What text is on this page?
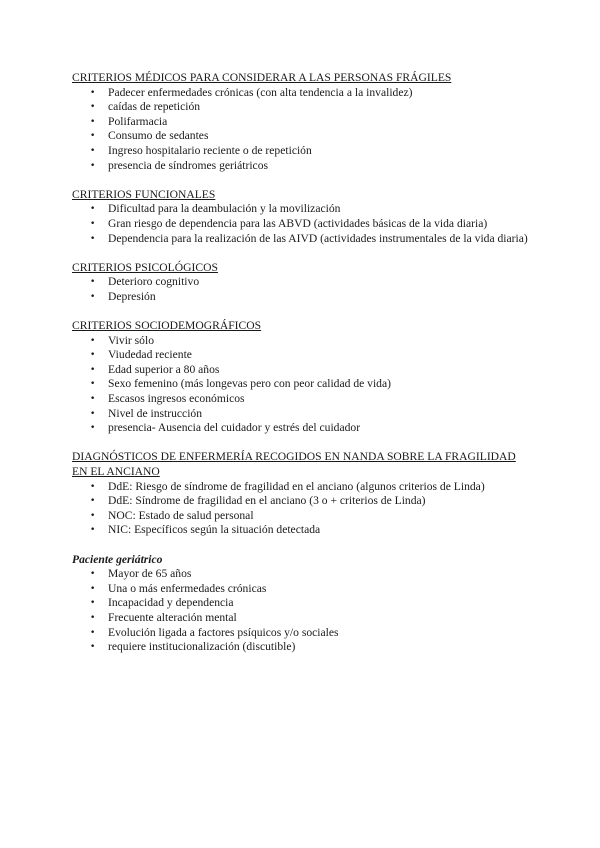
CRITERIOS MÉDICOS PARA CONSIDERAR A LAS PERSONAS FRÁGILES

• Padecer enfermedades crónicas (con alta tendencia a la invalidez)
• caídas de repetición
• Polifarmacia
• Consumo de sedantes
• Ingreso hospitalario reciente o de repetición
• presencia de síndromes geriátricos

CRITERIOS FUNCIONALES

• Dificultad para la deambulación y la movilización
• Gran riesgo de dependencia para las ABVD (actividades básicas de la vida diaria)
• Dependencia para la realización de las AIVD (actividades instrumentales de la vida diaria)

CRITERIOS PSICOLÓGICOS

• Deterioro cognitivo
• Depresión

CRITERIOS SOCIODEMOGRÁFICOS

• Vivir sólo
• Viudedad reciente
• Edad superior a 80 años
• Sexo femenino (más longevas pero con peor calidad de vida)
• Escasos ingresos económicos
• Nivel de instrucción
• presencia- Ausencia del cuidador y estrés del cuidador

DIAGNÓSTICOS DE ENFERMERÍA RECOGIDOS EN NANDA SOBRE LA FRAGILIDAD EN EL ANCIANO

• DdE: Riesgo de síndrome de fragilidad en el anciano (algunos criterios de Linda)
• DdE: Síndrome de fragilidad en el anciano (3 o + criterios de Linda)
• NOC: Estado de salud personal
• NIC: Específicos según la situación detectada

Paciente geriátrico

• Mayor de 65 años
• Una o más enfermedades crónicas
• Incapacidad y dependencia
• Frecuente alteración mental
• Evolución ligada a factores psíquicos y/o sociales
• requiere institucionalización (discutible)
